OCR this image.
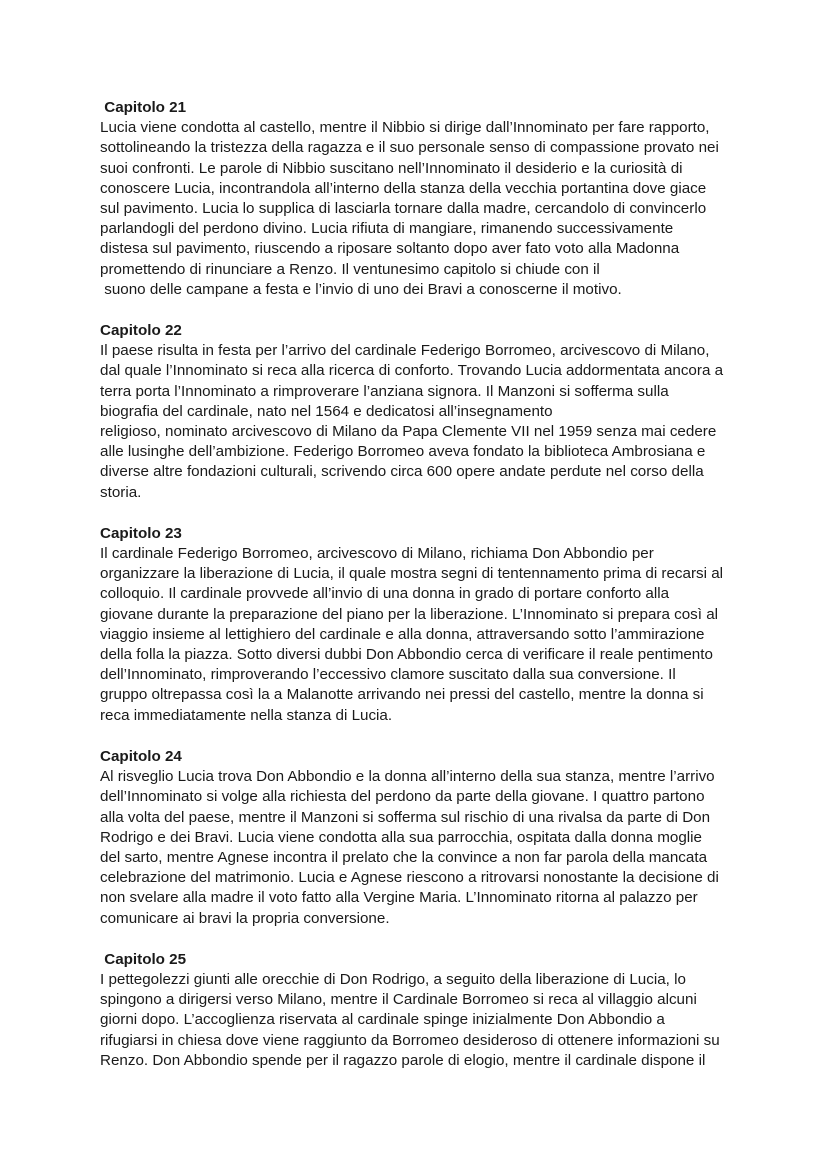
Capitolo 21
Lucia viene condotta al castello, mentre il Nibbio si dirige dall’Innominato per fare rapporto,
sottolineando la tristezza della ragazza e il suo personale senso di compassione provato nei
suoi confronti. Le parole di Nibbio suscitano nell’Innominato il desiderio e la curiosità di
conoscere Lucia, incontrandola all’interno della stanza della vecchia portantina dove giace
sul pavimento. Lucia lo supplica di lasciarla tornare dalla madre, cercandolo di convincerlo
parlandogli del perdono divino. Lucia rifiuta di mangiare, rimanendo successivamente
distesa sul pavimento, riuscendo a riposare soltanto dopo aver fato voto alla Madonna
promettendo di rinunciare a Renzo. Il ventunesimo capitolo si chiude con il
suono delle campane a festa e l’invio di uno dei Bravi a conoscerne il motivo.
Capitolo 22
Il paese risulta in festa per l’arrivo del cardinale Federigo Borromeo, arcivescovo di Milano,
dal quale l’Innominato si reca alla ricerca di conforto. Trovando Lucia addormentata ancora a
terra porta l’Innominato a rimproverare l’anziana signora. Il Manzoni si sofferma sulla
biografia del cardinale, nato nel 1564 e dedicatosi all’insegnamento
religioso, nominato arcivescovo di Milano da Papa Clemente VII nel 1959 senza mai cedere
alle lusinghe dell’ambizione. Federigo Borromeo aveva fondato la biblioteca Ambrosiana e
diverse altre fondazioni culturali, scrivendo circa 600 opere andate perdute nel corso della
storia.
Capitolo 23
Il cardinale Federigo Borromeo, arcivescovo di Milano, richiama Don Abbondio per
organizzare la liberazione di Lucia, il quale mostra segni di tentennamento prima di recarsi al
colloquio. Il cardinale provvede all’invio di una donna in grado di portare conforto alla
giovane durante la preparazione del piano per la liberazione. L’Innominato si prepara così al
viaggio insieme al lettighiero del cardinale e alla donna, attraversando sotto l’ammirazione
della folla la piazza. Sotto diversi dubbi Don Abbondio cerca di verificare il reale pentimento
dell’Innominato, rimproverando l’eccessivo clamore suscitato dalla sua conversione. Il
gruppo oltrepassa così la a Malanotte arrivando nei pressi del castello, mentre la donna si
reca immediatamente nella stanza di Lucia.
Capitolo 24
Al risveglio Lucia trova Don Abbondio e la donna all’interno della sua stanza, mentre l’arrivo
dell’Innominato si volge alla richiesta del perdono da parte della giovane. I quattro partono
alla volta del paese, mentre il Manzoni si sofferma sul rischio di una rivalsa da parte di Don
Rodrigo e dei Bravi. Lucia viene condotta alla sua parrocchia, ospitata dalla donna moglie
del sarto, mentre Agnese incontra il prelato che la convince a non far parola della mancata
celebrazione del matrimonio. Lucia e Agnese riescono a ritrovarsi nonostante la decisione di
non svelare alla madre il voto fatto alla Vergine Maria. L’Innominato ritorna al palazzo per
comunicare ai bravi la propria conversione.
Capitolo 25
I pettegolezzi giunti alle orecchie di Don Rodrigo, a seguito della liberazione di Lucia, lo
spingono a dirigersi verso Milano, mentre il Cardinale Borromeo si reca al villaggio alcuni
giorni dopo. L’accoglienza riservata al cardinale spinge inizialmente Don Abbondio a
rifugiarsi in chiesa dove viene raggiunto da Borromeo desideroso di ottenere informazioni su
Renzo. Don Abbondio spende per il ragazzo parole di elogio, mentre il cardinale dispone il
